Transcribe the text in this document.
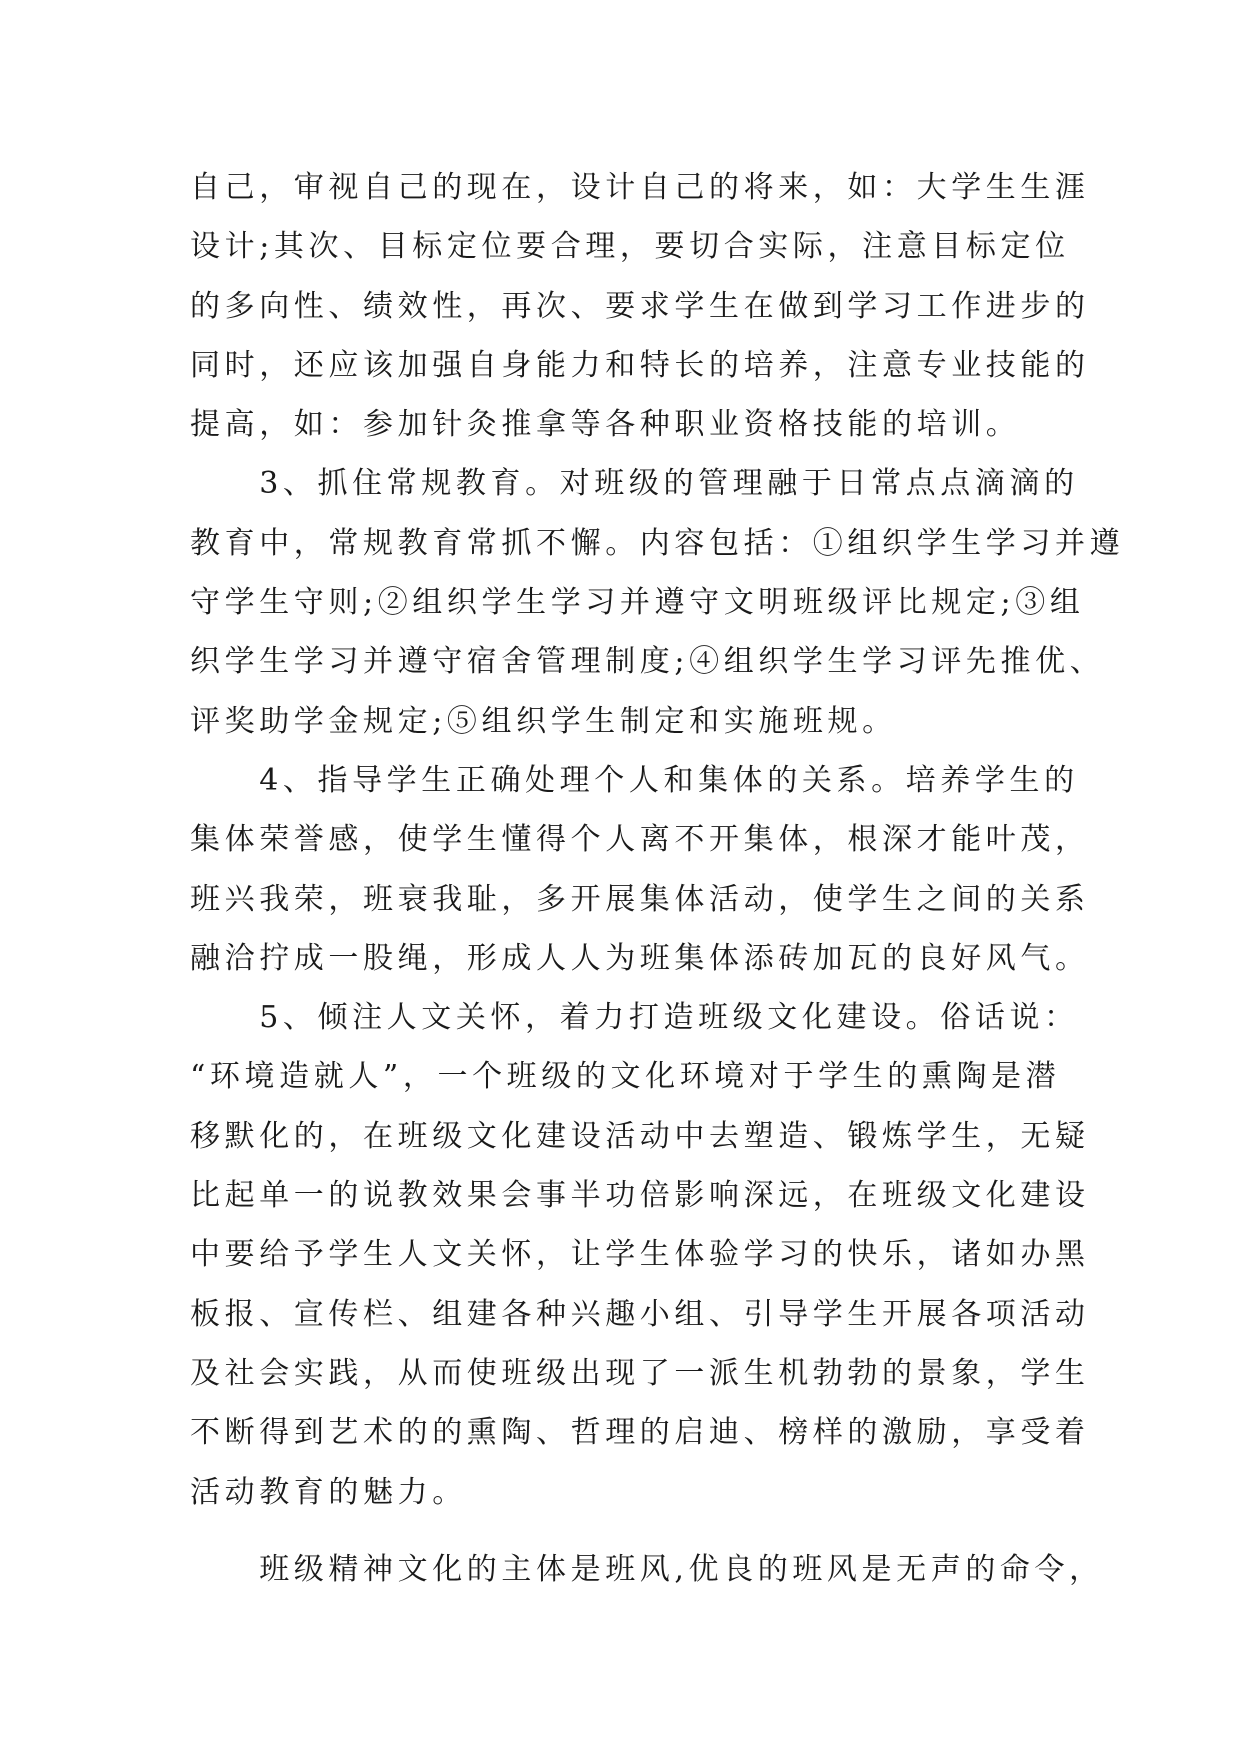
自己，审视自己的现在，设计自己的将来，如：大学生生涯
设计;其次、目标定位要合理，要切合实际，注意目标定位
的多向性、绩效性，再次、要求学生在做到学习工作进步的
同时，还应该加强自身能力和特长的培养，注意专业技能的
提高，如：参加针灸推拿等各种职业资格技能的培训。
　　3、抓住常规教育。对班级的管理融于日常点点滴滴的
教育中，常规教育常抓不懈。内容包括：①组织学生学习并遵
守学生守则;②组织学生学习并遵守文明班级评比规定;③组
织学生学习并遵守宿舍管理制度;④组织学生学习评先推优、
评奖助学金规定;⑤组织学生制定和实施班规。
　　4、指导学生正确处理个人和集体的关系。培养学生的
集体荣誉感，使学生懂得个人离不开集体，根深才能叶茂，
班兴我荣，班衰我耻，多开展集体活动，使学生之间的关系
融洽拧成一股绳，形成人人为班集体添砖加瓦的良好风气。
　　5、倾注人文关怀，着力打造班级文化建设。俗话说：
“环境造就人”，一个班级的文化环境对于学生的熏陶是潜
移默化的，在班级文化建设活动中去塑造、锻炼学生，无疑
比起单一的说教效果会事半功倍影响深远，在班级文化建设
中要给予学生人文关怀，让学生体验学习的快乐，诸如办黑
板报、宣传栏、组建各种兴趣小组、引导学生开展各项活动
及社会实践，从而使班级出现了一派生机勃勃的景象，学生
不断得到艺术的的熏陶、哲理的启迪、榜样的激励，享受着
活动教育的魅力。
　　班级精神文化的主体是班风,优良的班风是无声的命令，
